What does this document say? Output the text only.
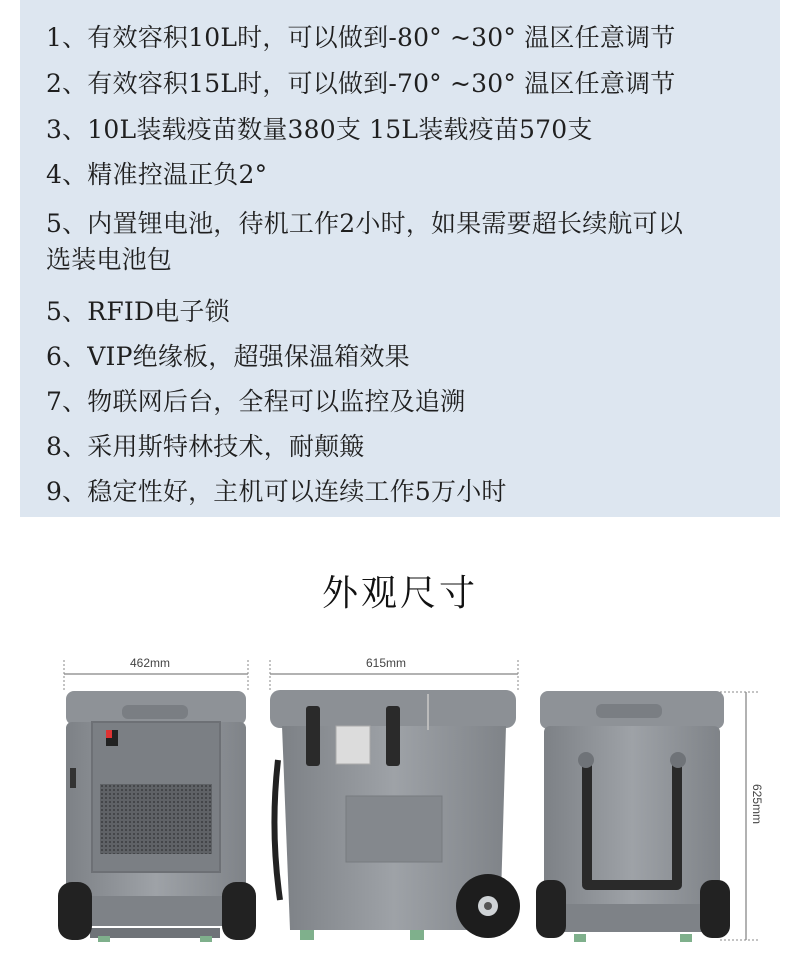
1、有效容积10L时，可以做到-80° ~30° 温区任意调节
2、有效容积15L时，可以做到-70° ~30° 温区任意调节
3、10L装载疫苗数量380支 15L装载疫苗570支
4、精准控温正负2°
5、内置锂电池，待机工作2小时，如果需要超长续航可以
选装电池包
5、RFID电子锁
6、VIP绝缘板，超强保温箱效果
7、物联网后台，全程可以监控及追溯
8、采用斯特林技术，耐颠簸
9、稳定性好，主机可以连续工作5万小时
外观尺寸
462mm	615mm
625mm
